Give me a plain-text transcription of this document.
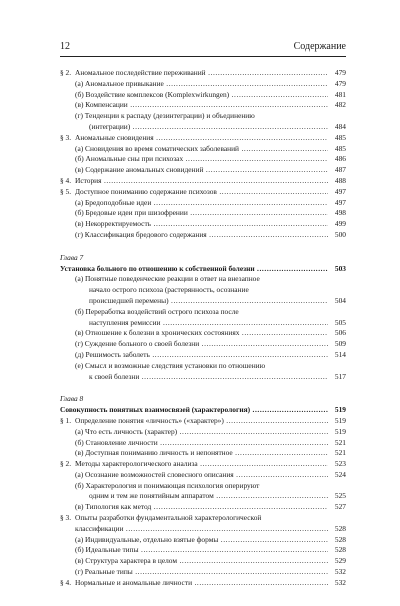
12	Содержание
§ 2. Аномальное последействие переживаний .....	479
(а) Аномальное привыкание .....	479
(б) Воздействие комплексов (Komplexwirkungen) .....	481
(в) Компенсации .....	482
(г) Тенденции к распаду (дезинтеграции) и объединению
(интеграции) .....	484
§ 3. Аномальные сновидения .....	485
(а) Сновидения во время соматических заболеваний .....	485
(б) Аномальные сны при психозах .....	486
(в) Содержание аномальных сновидений .....	487
§ 4. История .....	488
§ 5. Доступное пониманию содержание психозов .....	497
(а) Бредоподобные идеи .....	497
(б) Бредовые идеи при шизофрении .....	498
(в) Некорректируемость .....	499
(г) Классификация бредового содержания .....	500
Глава 7
Установка больного по отношению к собственной болезни .....	503
(а) Понятные поведенческие реакции в ответ на внезапное
начало острого психоза (растерянность, осознание
происшедшей перемены) .....	504
(б) Переработка воздействий острого психоза после
наступления ремиссии .....	505
(в) Отношение к болезни в хронических состояниях .....	506
(г) Суждение больного о своей болезни .....	509
(д) Решимость заболеть .....	514
(е) Смысл и возможные следствия установки по отношению
к своей болезни .....	517
Глава 8
Совокупность понятных взаимосвязей (характерология) .....	519
§ 1. Определение понятия «личность» («характер») .....	519
(а) Что есть личность (характер) .....	519
(б) Становление личности .....	521
(в) Доступная пониманию личность и непонятное .....	521
§ 2. Методы характерологического анализа .....	523
(а) Осознание возможностей словесного описания .....	524
(б) Характерология и понимающая психология оперируют
одним и тем же понятийным аппаратом .....	525
(в) Типология как метод .....	527
§ 3. Опыты разработки фундаментальной характерологической
классификации .....	528
(а) Индивидуальные, отдельно взятые формы .....	528
(б) Идеальные типы .....	528
(в) Структура характера в целом .....	529
(г) Реальные типы .....	532
§ 4. Нормальные и аномальные личности .....	532
